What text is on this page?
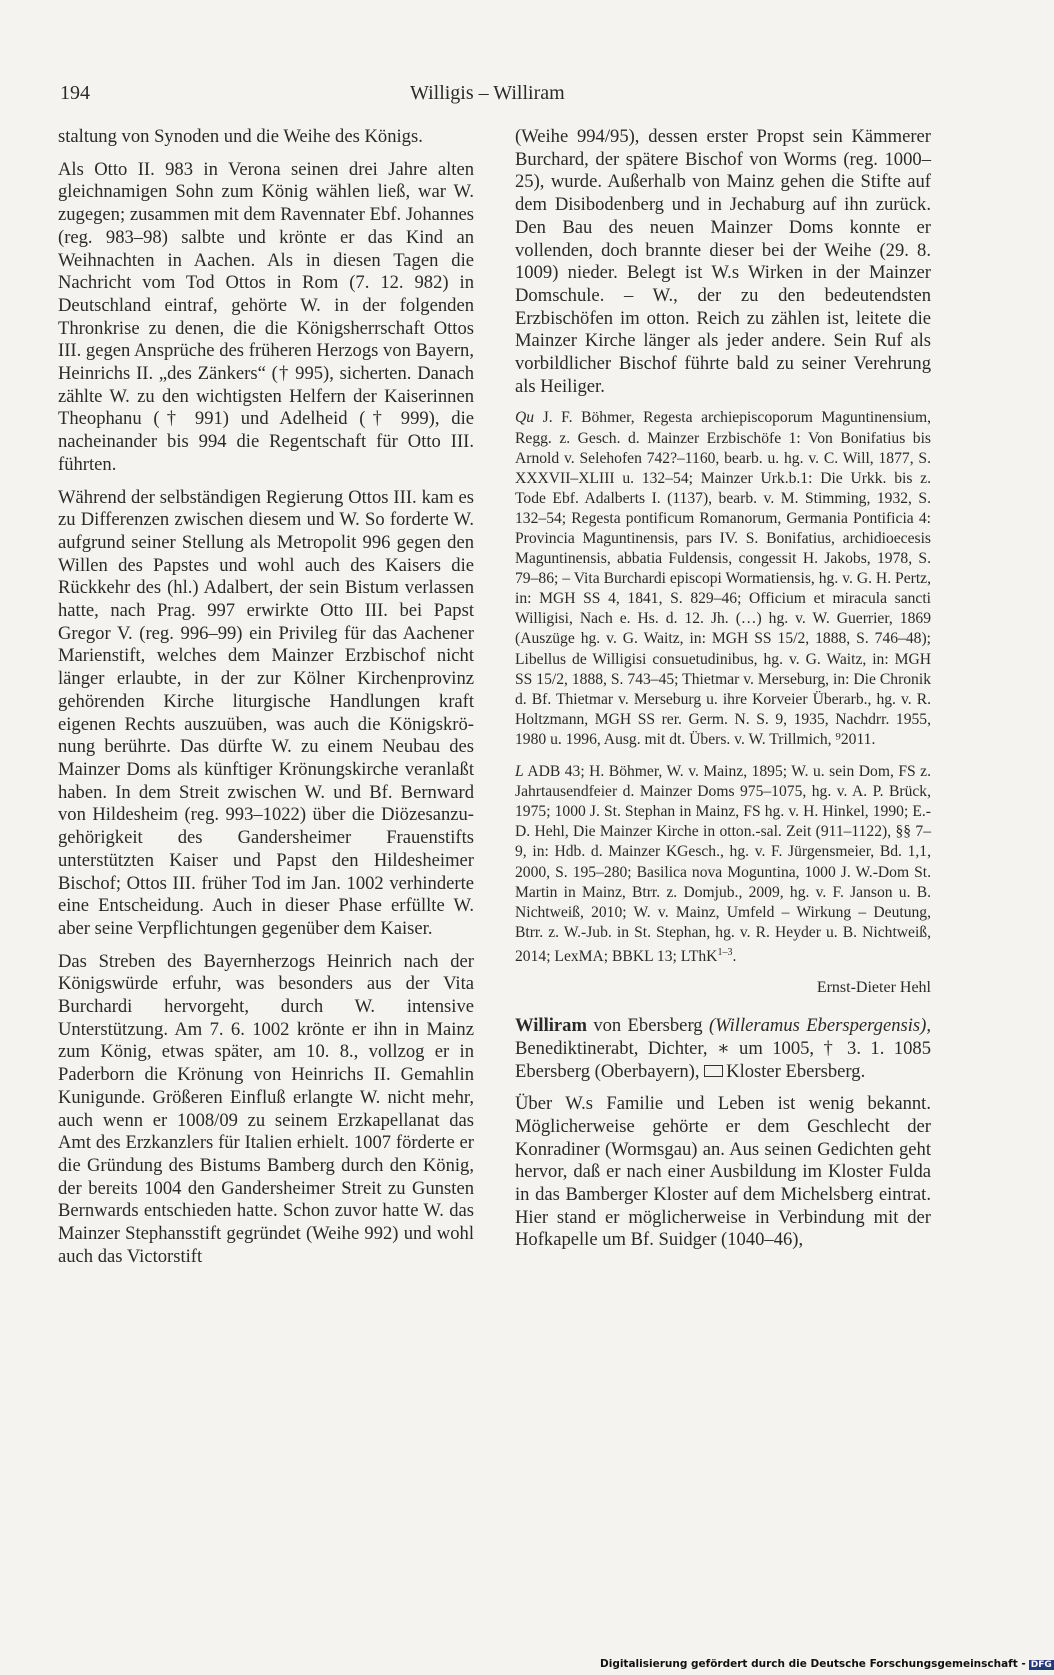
194	Willigis – Williram

staltung von Synoden und die Weihe des Königs.

Als Otto II. 983 in Verona seinen drei Jahre alten gleichnamigen Sohn zum König wählen ließ, war W. zugegen; zusammen mit dem Ravennater Ebf. Johannes (reg. 983–98) salbte und krönte er das Kind an Weihnachten in Aachen. Als in diesen Tagen die Nachricht vom Tod Ottos in Rom (7. 12. 982) in Deutschland eintraf, gehörte W. in der folgenden Thronkrise zu denen, die die Königsherrschaft Ottos III. gegen Ansprüche des früheren Herzogs von Bayern, Heinrichs II. „des Zänkers“ († 995), sicherten. Danach zählte W. zu den wichtigsten Helfern der Kaiserinnen Theophanu († 991) und Adelheid († 999), die nacheinander bis 994 die Regentschaft für Otto III. führten.

Während der selbständigen Regierung Ottos III. kam es zu Differenzen zwischen diesem und W. So forderte W. aufgrund seiner Stellung als Metropolit 996 gegen den Willen des Papstes und wohl auch des Kaisers die Rückkehr des (hl.) Adalbert, der sein Bistum verlassen hatte, nach Prag. 997 erwirkte Otto III. bei Papst Gregor V. (reg. 996–99) ein Privileg für das Aachener Marienstift, welches dem Mainzer Erzbischof nicht länger erlaubte, in der zur Kölner Kirchenprovinz gehörenden Kirche liturgische Handlungen kraft eigenen Rechts auszuüben, was auch die Königskrönung berührte. Das dürfte W. zu einem Neubau des Mainzer Doms als künftiger Krönungskirche veranlaßt haben. In dem Streit zwischen W. und Bf. Bernward von Hildesheim (reg. 993–1022) über die Diözesanzugehörigkeit des Gandersheimer Frauenstifts unterstützten Kaiser und Papst den Hildesheimer Bischof; Ottos III. früher Tod im Jan. 1002 verhinderte eine Entscheidung. Auch in dieser Phase erfüllte W. aber seine Verpflichtungen gegenüber dem Kaiser.

Das Streben des Bayernherzogs Heinrich nach der Königswürde erfuhr, was besonders aus der Vita Burchardi hervorgeht, durch W. intensive Unterstützung. Am 7. 6. 1002 krönte er ihn in Mainz zum König, etwas später, am 10. 8., vollzog er in Paderborn die Krönung von Heinrichs II. Gemahlin Kunigunde. Größeren Einfluß erlangte W. nicht mehr, auch wenn er 1008/09 zu seinem Erzkapellanat das Amt des Erzkanzlers für Italien erhielt. 1007 förderte er die Gründung des Bistums Bamberg durch den König, der bereits 1004 den Gandersheimer Streit zu Gunsten Bernwards entschieden hatte. Schon zuvor hatte W. das Mainzer Stephansstift gegründet (Weihe 992) und wohl auch das Victorstift

(Weihe 994/95), dessen erster Propst sein Kämmerer Burchard, der spätere Bischof von Worms (reg. 1000–25), wurde. Außerhalb von Mainz gehen die Stifte auf dem Disibodenberg und in Jechaburg auf ihn zurück. Den Bau des neuen Mainzer Doms konnte er vollenden, doch brannte dieser bei der Weihe (29. 8. 1009) nieder. Belegt ist W.s Wirken in der Mainzer Domschule. – W., der zu den bedeutendsten Erzbischöfen im otton. Reich zu zählen ist, leitete die Mainzer Kirche länger als jeder andere. Sein Ruf als vorbildlicher Bischof führte bald zu seiner Verehrung als Heiliger.

Qu J. F. Böhmer, Regesta archiepiscoporum Maguntinensium, Regg. z. Gesch. d. Mainzer Erzbischöfe 1: Von Bonifatius bis Arnold v. Selehofen 742?–1160, bearb. u. hg. v. C. Will, 1877, S. XXXVII–XLIII u. 132–54; Mainzer Urk.b.1: Die Urkk. bis z. Tode Ebf. Adalberts I. (1137), bearb. v. M. Stimming, 1932, S. 132–54; Regesta pontificum Romanorum, Germania Pontificia 4: Provincia Maguntinensis, pars IV. S. Bonifatius, archidioecesis Maguntinensis, abbatia Fuldensis, congessit H. Jakobs, 1978, S. 79–86; – Vita Burchardi episcopi Wormatiensis, hg. v. G. H. Pertz, in: MGH SS 4, 1841, S. 829–46; Officium et miracula sancti Willigisi, Nach e. Hs. d. 12. Jh. (…) hg. v. W. Guerrier, 1869 (Auszüge hg. v. G. Waitz, in: MGH SS 15/2, 1888, S. 746–48); Libellus de Willigisi consuetudinibus, hg. v. G. Waitz, in: MGH SS 15/2, 1888, S. 743–45; Thietmar v. Merseburg, in: Die Chronik d. Bf. Thietmar v. Merseburg u. ihre Korveier Überarb., hg. v. R. Holtzmann, MGH SS rer. Germ. N. S. 9, 1935, Nachdrr. 1955, 1980 u. 1996, Ausg. mit dt. Übers. v. W. Trillmich, ⁹2011.

L ADB 43; H. Böhmer, W. v. Mainz, 1895; W. u. sein Dom, FS z. Jahrtausendfeier d. Mainzer Doms 975–1075, hg. v. A. P. Brück, 1975; 1000 J. St. Stephan in Mainz, FS hg. v. H. Hinkel, 1990; E.-D. Hehl, Die Mainzer Kirche in otton.-sal. Zeit (911–1122), §§ 7–9, in: Hdb. d. Mainzer KGesch., hg. v. F. Jürgensmeier, Bd. 1,1, 2000, S. 195–280; Basilica nova Moguntina, 1000 J. W.-Dom St. Martin in Mainz, Btrr. z. Domjub., 2009, hg. v. F. Janson u. B. Nichtweiß, 2010; W. v. Mainz, Umfeld – Wirkung – Deutung, Btrr. z. W.-Jub. in St. Stephan, hg. v. R. Heyder u. B. Nichtweiß, 2014; LexMA; BBKL 13; LThK$^{1-3}$.

Ernst-Dieter Hehl

Williram von Ebersberg (Willeramus Eberspergensis), Benediktinerabt, Dichter, ∗ um 1005, † 3. 1. 1085 Ebersberg (Oberbayern), Kloster Ebersberg.

Über W.s Familie und Leben ist wenig bekannt. Möglicherweise gehörte er dem Geschlecht der Konradiner (Wormsgau) an. Aus seinen Gedichten geht hervor, daß er nach einer Ausbildung im Kloster Fulda in das Bamberger Kloster auf dem Michelsberg eintrat. Hier stand er möglicherweise in Verbindung mit der Hofkapelle um Bf. Suidger (1040–46),

Digitalisierung gefördert durch die Deutsche Forschungsgemeinschaft - DFG
